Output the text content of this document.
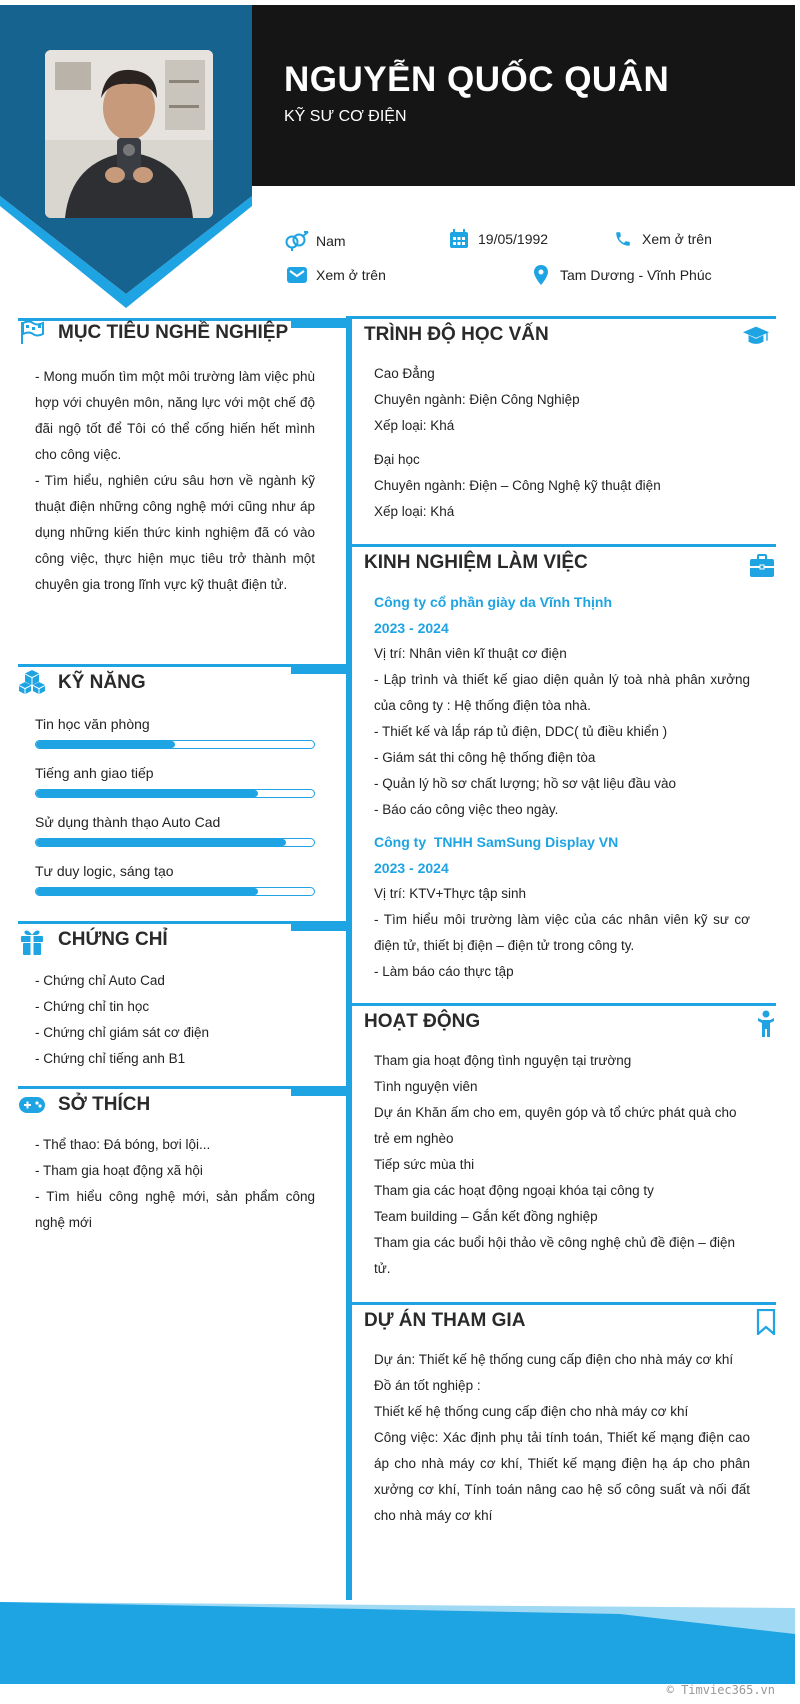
NGUYỄN QUỐC QUÂN
KỸ SƯ CƠ ĐIỆN
Nam	19/05/1992	Xem ở trên
Xem ở trên	Tam Dương - Vĩnh Phúc
MỤC TIÊU NGHỀ NGHIỆP

- Mong muốn tìm một môi trường làm việc phù hợp với chuyên môn, năng lực với một chế độ đãi ngộ tốt để Tôi có thể cống hiến hết mình cho công việc.

- Tìm hiểu, nghiên cứu sâu hơn về ngành kỹ thuật điện những công nghệ mới cũng như áp dụng những kiến thức kinh nghiệm đã có vào công việc, thực hiện mục tiêu trở thành một chuyên gia trong lĩnh vực kỹ thuật điện tử.

KỸ NĂNG
Tin học văn phòng
Tiếng anh giao tiếp
Sử dụng thành thạo Auto Cad
Tư duy logic, sáng tạo
CHỨNG CHỈ

- Chứng chỉ Auto Cad

- Chứng chỉ tin học

- Chứng chỉ giám sát cơ điện

- Chứng chỉ tiếng anh B1

SỞ THÍCH

- Thể thao: Đá bóng, bơi lội...

- Tham gia hoạt động xã hội

- Tìm hiểu công nghệ mới, sản phẩm công nghệ mới

TRÌNH ĐỘ HỌC VẤN

Cao Đẳng

Chuyên ngành: Điện Công Nghiệp

Xếp loại: Khá

Đại học

Chuyên ngành: Điện – Công Nghệ kỹ thuật điện

Xếp loại: Khá

KINH NGHIỆM LÀM VIỆC

Công ty cổ phần giày da Vĩnh Thịnh

2023 - 2024

Vị trí: Nhân viên kĩ thuật cơ điện

- Lập trình và thiết kế giao diện quản lý toà nhà phân xưởng của công ty : Hệ thống điện tòa nhà.

- Thiết kế và lắp ráp tủ điện, DDC( tủ điều khiển )

- Giám sát thi công hệ thống điện tòa

- Quản lý hồ sơ chất lượng; hồ sơ vật liệu đầu vào

- Báo cáo công việc theo ngày.

Công ty  TNHH SamSung Display VN

2023 - 2024

Vị trí: KTV+Thực tập sinh

- Tìm hiểu môi trường làm việc của các nhân viên kỹ sư cơ điện tử, thiết bị điện – điện tử trong công ty.

- Làm báo cáo thực tập

HOẠT ĐỘNG

Tham gia hoạt động tình nguyện tại trường

Tình nguyện viên

Dự án Khăn ấm cho em, quyên góp và tổ chức phát quà cho trẻ em nghèo

Tiếp sức mùa thi

Tham gia các hoạt động ngoại khóa tại công ty

Team building – Gắn kết đồng nghiệp

Tham gia các buổi hội thảo về công nghệ chủ đề điện – điện tử.

DỰ ÁN THAM GIA

Dự án: Thiết kế hệ thống cung cấp điện cho nhà máy cơ khí

Đồ án tốt nghiệp :

Thiết kế hệ thống cung cấp điện cho nhà máy cơ khí

Công việc: Xác định phụ tải tính toán, Thiết kế mạng điện cao áp cho nhà máy cơ khí, Thiết kế mạng điện hạ áp cho phân xưởng cơ khí, Tính toán nâng cao hệ số công suất và nối đất cho nhà máy cơ khí

© Timviec365.vn
